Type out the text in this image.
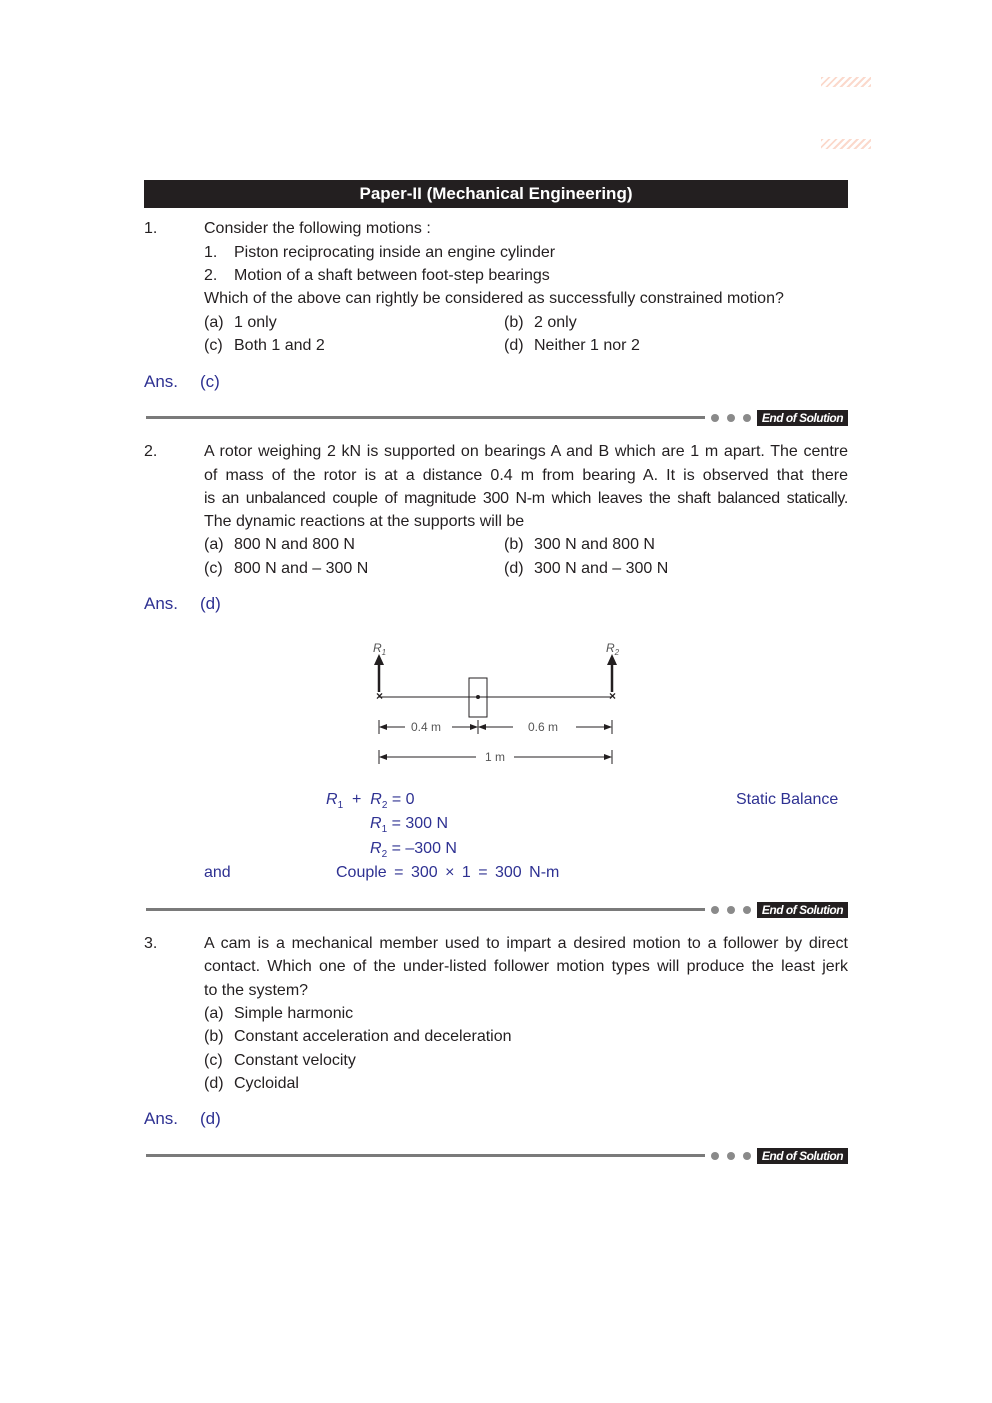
Paper-II (Mechanical Engineering)
1.	Consider the following motions :
1. Piston reciprocating inside an engine cylinder
2. Motion of a shaft between foot-step bearings
Which of the above can rightly be considered as successfully constrained motion?
(a) 1 only	(b) 2 only
(c) Both 1 and 2	(d) Neither 1 nor 2
Ans. (c)
End of Solution
2.	A rotor weighing 2 kN is supported on bearings A and B which are 1 m apart. The centre
of mass of the rotor is at a distance 0.4 m from bearing A. It is observed that there
is an unbalanced couple of magnitude 300 N-m which leaves the shaft balanced statically.
The dynamic reactions at the supports will be
(a) 800 N and 800 N	(b) 300 N and 800 N
(c) 800 N and – 300 N	(d) 300 N and – 300 N
Ans. (d)
×	×
$R_1$	$R_2$
0.4 m	0.6 m
1 m
$R_1 + R_2 = 0$	Static Balance
$R_1 = 300$ N
$R_2 = -300$ N
and	Couple = 300 × 1 = 300 N-m
End of Solution
3.	A cam is a mechanical member used to impart a desired motion to a follower by direct
contact. Which one of the under-listed follower motion types will produce the least jerk
to the system?
(a) Simple harmonic
(b) Constant acceleration and deceleration
(c) Constant velocity
(d) Cycloidal
Ans. (d)
End of Solution
